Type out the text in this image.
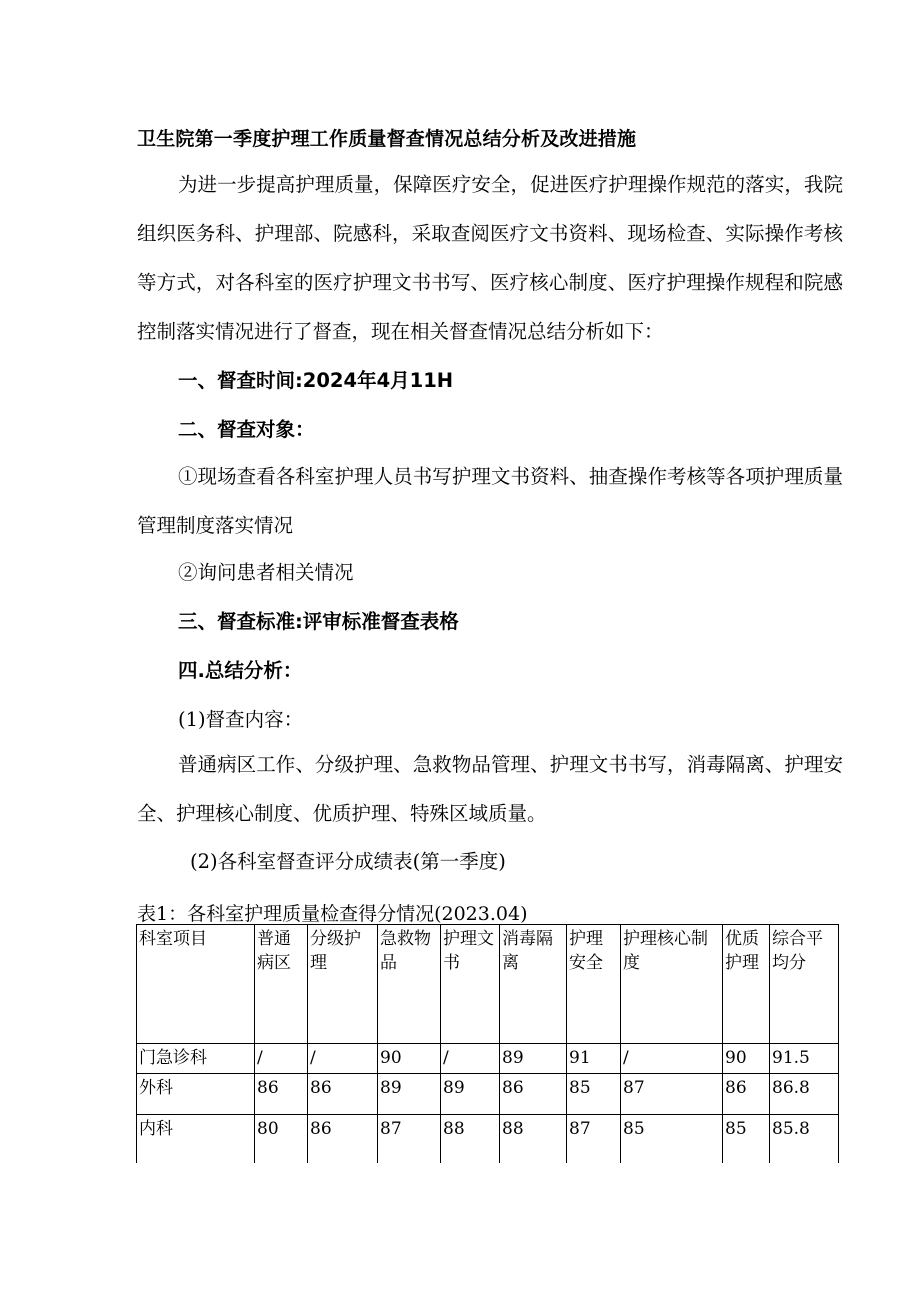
卫生院第一季度护理工作质量督查情况总结分析及改进措施
为进一步提高护理质量，保障医疗安全，促进医疗护理操作规范的落实，我院组织医务科、护理部、院感科，采取查阅医疗文书资料、现场检查、实际操作考核等方式，对各科室的医疗护理文书书写、医疗核心制度、医疗护理操作规程和院感控制落实情况进行了督查，现在相关督查情况总结分析如下：
一、督查时间:2024年4月11H
二、督查对象：
①现场查看各科室护理人员书写护理文书资料、抽查操作考核等各项护理质量管理制度落实情况
②询问患者相关情况
三、督查标准:评审标准督查表格
四.总结分析：
(1)督查内容：
普通病区工作、分级护理、急救物品管理、护理文书书写，消毒隔离、护理安全、护理核心制度、优质护理、特殊区域质量。
(2)各科室督查评分成绩表(第一季度)
表1：各科室护理质量检查得分情况(2023.04)
科室项目	普通病区	分级护理	急救物品	护理文书	消毒隔离	护理安全	护理核心制度	优质护理	综合平均分
门急诊科	/	/	90	/	89	91	/	90	91.5
外科	86	86	89	89	86	85	87	86	86.8
内科	80	86	87	88	88	87	85	85	85.8
